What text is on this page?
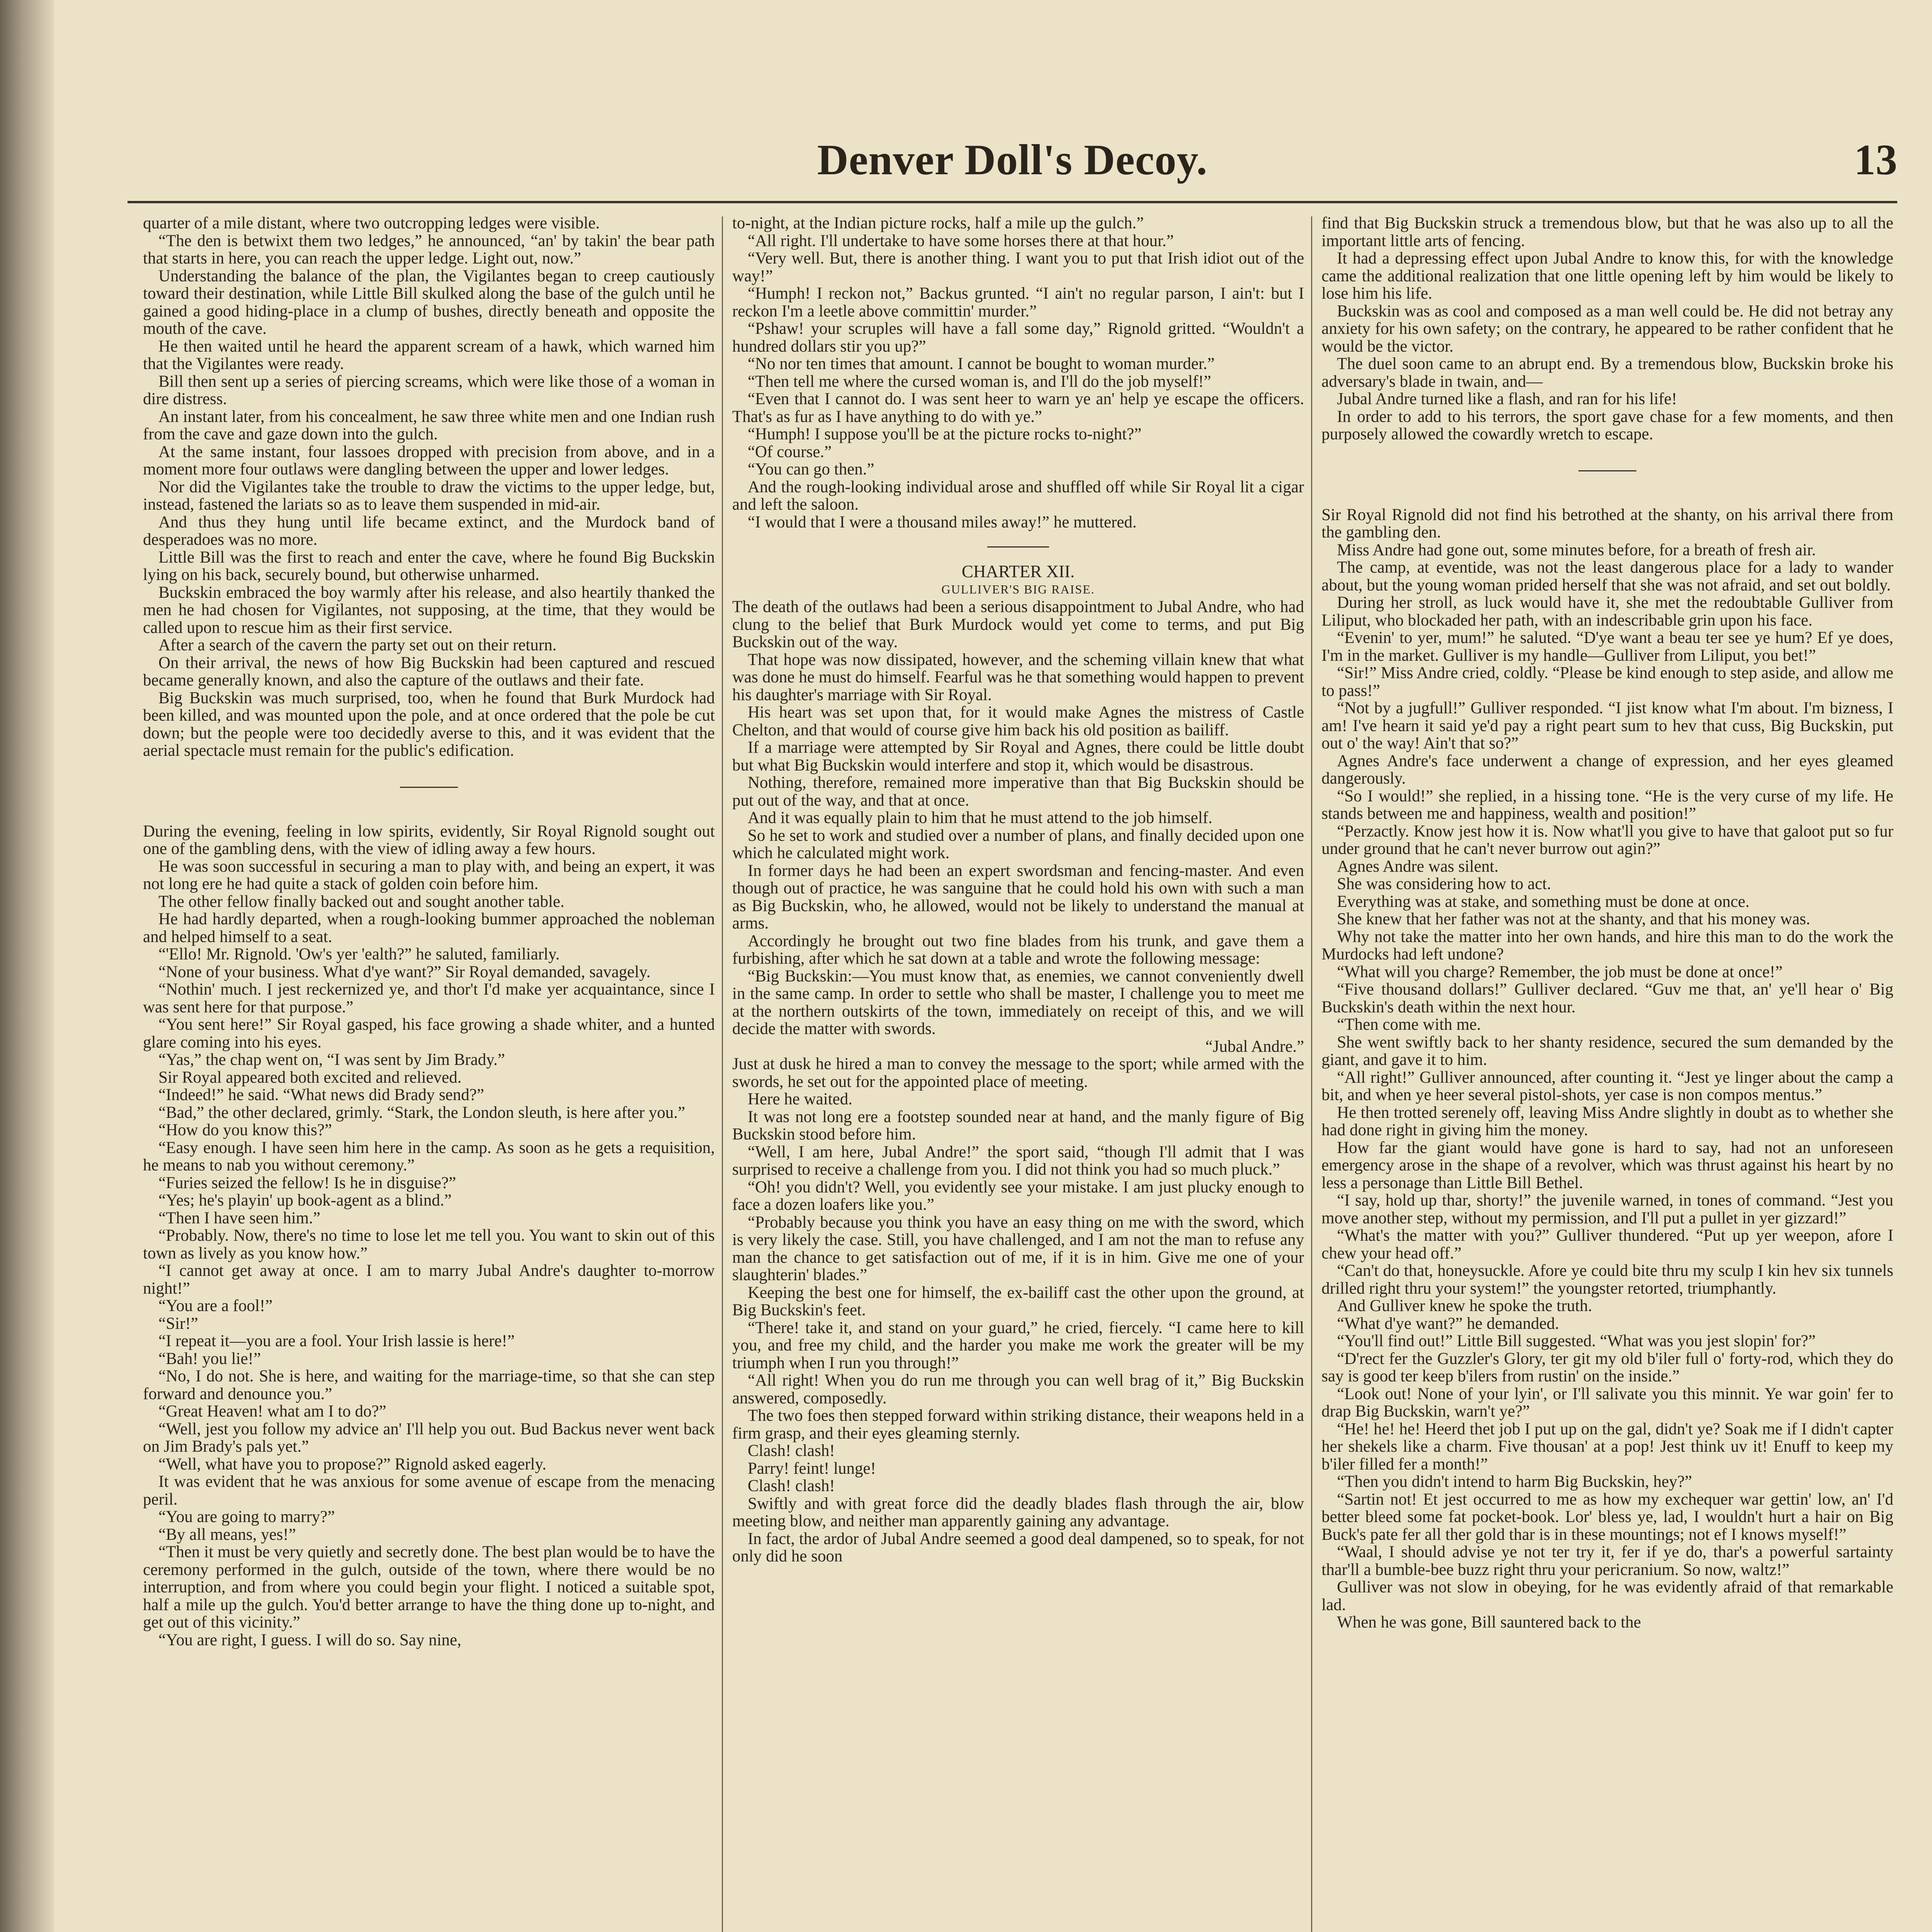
Denver Doll's Decoy.	13

quarter of a mile distant, where two outcropping ledges were visible.

“The den is betwixt them two ledges,” he announced, “an' by takin' the bear path that starts in here, you can reach the upper ledge. Light out, now.”

Understanding the balance of the plan, the Vigilantes began to creep cautiously toward their destination, while Little Bill skulked along the base of the gulch until he gained a good hiding-place in a clump of bushes, directly beneath and opposite the mouth of the cave.

He then waited until he heard the apparent scream of a hawk, which warned him that the Vigilantes were ready.

Bill then sent up a series of piercing screams, which were like those of a woman in dire distress.

An instant later, from his concealment, he saw three white men and one Indian rush from the cave and gaze down into the gulch.

At the same instant, four lassoes dropped with precision from above, and in a moment more four outlaws were dangling between the upper and lower ledges.

Nor did the Vigilantes take the trouble to draw the victims to the upper ledge, but, instead, fastened the lariats so as to leave them suspended in mid-air.

And thus they hung until life became extinct, and the Murdock band of desperadoes was no more.

Little Bill was the first to reach and enter the cave, where he found Big Buckskin lying on his back, securely bound, but otherwise unharmed.

Buckskin embraced the boy warmly after his release, and also heartily thanked the men he had chosen for Vigilantes, not supposing, at the time, that they would be called upon to rescue him as their first service.

After a search of the cavern the party set out on their return.

On their arrival, the news of how Big Buckskin had been captured and rescued became generally known, and also the capture of the outlaws and their fate.

Big Buckskin was much surprised, too, when he found that Burk Murdock had been killed, and was mounted upon the pole, and at once ordered that the pole be cut down; but the people were too decidedly averse to this, and it was evident that the aerial spectacle must remain for the public's edification.

During the evening, feeling in low spirits, evidently, Sir Royal Rignold sought out one of the gambling dens, with the view of idling away a few hours.

He was soon successful in securing a man to play with, and being an expert, it was not long ere he had quite a stack of golden coin before him.

The other fellow finally backed out and sought another table.

He had hardly departed, when a rough-looking bummer approached the nobleman and helped himself to a seat.

“'Ello! Mr. Rignold. 'Ow's yer 'ealth?” he saluted, familiarly.

“None of your business. What d'ye want?” Sir Royal demanded, savagely.

“Nothin' much. I jest reckernized ye, and thor't I'd make yer acquaintance, since I was sent here for that purpose.”

“You sent here!” Sir Royal gasped, his face growing a shade whiter, and a hunted glare coming into his eyes.

“Yas,” the chap went on, “I was sent by Jim Brady.”

Sir Royal appeared both excited and relieved.

“Indeed!” he said. “What news did Brady send?”

“Bad,” the other declared, grimly. “Stark, the London sleuth, is here after you.”

“How do you know this?”

“Easy enough. I have seen him here in the camp. As soon as he gets a requisition, he means to nab you without ceremony.”

“Furies seized the fellow! Is he in disguise?”

“Yes; he's playin' up book-agent as a blind.”

“Then I have seen him.”

“Probably. Now, there's no time to lose let me tell you. You want to skin out of this town as lively as you know how.”

“I cannot get away at once. I am to marry Jubal Andre's daughter to-morrow night!”

“You are a fool!”

“Sir!”

“I repeat it—you are a fool. Your Irish lassie is here!”

“Bah! you lie!”

“No, I do not. She is here, and waiting for the marriage-time, so that she can step forward and denounce you.”

“Great Heaven! what am I to do?”

“Well, jest you follow my advice an' I'll help you out. Bud Backus never went back on Jim Brady's pals yet.”

“Well, what have you to propose?” Rignold asked eagerly.

It was evident that he was anxious for some avenue of escape from the menacing peril.

“You are going to marry?”

“By all means, yes!”

“Then it must be very quietly and secretly done. The best plan would be to have the ceremony performed in the gulch, outside of the town, where there would be no interruption, and from where you could begin your flight. I noticed a suitable spot, half a mile up the gulch. You'd better arrange to have the thing done up to-night, and get out of this vicinity.”

“You are right, I guess. I will do so. Say nine,

to-night, at the Indian picture rocks, half a mile up the gulch.”

“All right. I'll undertake to have some horses there at that hour.”

“Very well. But, there is another thing. I want you to put that Irish idiot out of the way!”

“Humph! I reckon not,” Backus grunted. “I ain't no regular parson, I ain't: but I reckon I'm a leetle above committin' murder.”

“Pshaw! your scruples will have a fall some day,” Rignold gritted. “Wouldn't a hundred dollars stir you up?”

“No nor ten times that amount. I cannot be bought to woman murder.”

“Then tell me where the cursed woman is, and I'll do the job myself!”

“Even that I cannot do. I was sent heer to warn ye an' help ye escape the officers. That's as fur as I have anything to do with ye.”

“Humph! I suppose you'll be at the picture rocks to-night?”

“Of course.”

“You can go then.”

And the rough-looking individual arose and shuffled off while Sir Royal lit a cigar and left the saloon.

“I would that I were a thousand miles away!” he muttered.

CHARTER XII.

GULLIVER'S BIG RAISE.

The death of the outlaws had been a serious disappointment to Jubal Andre, who had clung to the belief that Burk Murdock would yet come to terms, and put Big Buckskin out of the way.

That hope was now dissipated, however, and the scheming villain knew that what was done he must do himself. Fearful was he that something would happen to prevent his daughter's marriage with Sir Royal.

His heart was set upon that, for it would make Agnes the mistress of Castle Chelton, and that would of course give him back his old position as bailiff.

If a marriage were attempted by Sir Royal and Agnes, there could be little doubt but what Big Buckskin would interfere and stop it, which would be disastrous.

Nothing, therefore, remained more imperative than that Big Buckskin should be put out of the way, and that at once.

And it was equally plain to him that he must attend to the job himself.

So he set to work and studied over a number of plans, and finally decided upon one which he calculated might work.

In former days he had been an expert swordsman and fencing-master. And even though out of practice, he was sanguine that he could hold his own with such a man as Big Buckskin, who, he allowed, would not be likely to understand the manual at arms.

Accordingly he brought out two fine blades from his trunk, and gave them a furbishing, after which he sat down at a table and wrote the following message:

“Big Buckskin:—You must know that, as enemies, we cannot conveniently dwell in the same camp. In order to settle who shall be master, I challenge you to meet me at the northern outskirts of the town, immediately on receipt of this, and we will decide the matter with swords.

“Jubal Andre.”

Just at dusk he hired a man to convey the message to the sport; while armed with the swords, he set out for the appointed place of meeting.

Here he waited.

It was not long ere a footstep sounded near at hand, and the manly figure of Big Buckskin stood before him.

“Well, I am here, Jubal Andre!” the sport said, “though I'll admit that I was surprised to receive a challenge from you. I did not think you had so much pluck.”

“Oh! you didn't? Well, you evidently see your mistake. I am just plucky enough to face a dozen loafers like you.”

“Probably because you think you have an easy thing on me with the sword, which is very likely the case. Still, you have challenged, and I am not the man to refuse any man the chance to get satisfaction out of me, if it is in him. Give me one of your slaughterin' blades.”

Keeping the best one for himself, the ex-bailiff cast the other upon the ground, at Big Buckskin's feet.

“There! take it, and stand on your guard,” he cried, fiercely. “I came here to kill you, and free my child, and the harder you make me work the greater will be my triumph when I run you through!”

“All right! When you do run me through you can well brag of it,” Big Buckskin answered, composedly.

The two foes then stepped forward within striking distance, their weapons held in a firm grasp, and their eyes gleaming sternly.

Clash! clash!

Parry! feint! lunge!

Clash! clash!

Swiftly and with great force did the deadly blades flash through the air, blow meeting blow, and neither man apparently gaining any advantage.

In fact, the ardor of Jubal Andre seemed a good deal dampened, so to speak, for not only did he soon

find that Big Buckskin struck a tremendous blow, but that he was also up to all the important little arts of fencing.

It had a depressing effect upon Jubal Andre to know this, for with the knowledge came the additional realization that one little opening left by him would be likely to lose him his life.

Buckskin was as cool and composed as a man well could be. He did not betray any anxiety for his own safety; on the contrary, he appeared to be rather confident that he would be the victor.

The duel soon came to an abrupt end. By a tremendous blow, Buckskin broke his adversary's blade in twain, and—

Jubal Andre turned like a flash, and ran for his life!

In order to add to his terrors, the sport gave chase for a few moments, and then purposely allowed the cowardly wretch to escape.

Sir Royal Rignold did not find his betrothed at the shanty, on his arrival there from the gambling den.

Miss Andre had gone out, some minutes before, for a breath of fresh air.

The camp, at eventide, was not the least dangerous place for a lady to wander about, but the young woman prided herself that she was not afraid, and set out boldly.

During her stroll, as luck would have it, she met the redoubtable Gulliver from Liliput, who blockaded her path, with an indescribable grin upon his face.

“Evenin' to yer, mum!” he saluted. “D'ye want a beau ter see ye hum? Ef ye does, I'm in the market. Gulliver is my handle—Gulliver from Liliput, you bet!”

“Sir!” Miss Andre cried, coldly. “Please be kind enough to step aside, and allow me to pass!”

“Not by a jugfull!” Gulliver responded. “I jist know what I'm about. I'm bizness, I am! I've hearn it said ye'd pay a right peart sum to hev that cuss, Big Buckskin, put out o' the way! Ain't that so?”

Agnes Andre's face underwent a change of expression, and her eyes gleamed dangerously.

“So I would!” she replied, in a hissing tone. “He is the very curse of my life. He stands between me and happiness, wealth and position!”

“Perzactly. Know jest how it is. Now what'll you give to have that galoot put so fur under ground that he can't never burrow out agin?”

Agnes Andre was silent.

She was considering how to act.

Everything was at stake, and something must be done at once.

She knew that her father was not at the shanty, and that his money was.

Why not take the matter into her own hands, and hire this man to do the work the Murdocks had left undone?

“What will you charge? Remember, the job must be done at once!”

“Five thousand dollars!” Gulliver declared. “Guv me that, an' ye'll hear o' Big Buckskin's death within the next hour.

“Then come with me.

She went swiftly back to her shanty residence, secured the sum demanded by the giant, and gave it to him.

“All right!” Gulliver announced, after counting it. “Jest ye linger about the camp a bit, and when ye heer several pistol-shots, yer case is non compos mentus.”

He then trotted serenely off, leaving Miss Andre slightly in doubt as to whether she had done right in giving him the money.

How far the giant would have gone is hard to say, had not an unforeseen emergency arose in the shape of a revolver, which was thrust against his heart by no less a personage than Little Bill Bethel.

“I say, hold up thar, shorty!” the juvenile warned, in tones of command. “Jest you move another step, without my permission, and I'll put a pullet in yer gizzard!”

“What's the matter with you?” Gulliver thundered. “Put up yer weepon, afore I chew your head off.”

“Can't do that, honeysuckle. Afore ye could bite thru my sculp I kin hev six tunnels drilled right thru your system!” the youngster retorted, triumphantly.

And Gulliver knew he spoke the truth.

“What d'ye want?” he demanded.

“You'll find out!” Little Bill suggested. “What was you jest slopin' for?”

“D'rect fer the Guzzler's Glory, ter git my old b'iler full o' forty-rod, which they do say is good ter keep b'ilers from rustin' on the inside.”

“Look out! None of your lyin', or I'll salivate you this minnit. Ye war goin' fer to drap Big Buckskin, warn't ye?”

“He! he! he! Heerd thet job I put up on the gal, didn't ye? Soak me if I didn't capter her shekels like a charm. Five thousan' at a pop! Jest think uv it! Enuff to keep my b'iler filled fer a month!”

“Then you didn't intend to harm Big Buckskin, hey?”

“Sartin not! Et jest occurred to me as how my exchequer war gettin' low, an' I'd better bleed some fat pocket-book. Lor' bless ye, lad, I wouldn't hurt a hair on Big Buck's pate fer all ther gold thar is in these mountings; not ef I knows myself!”

“Waal, I should advise ye not ter try it, fer if ye do, thar's a powerful sartainty thar'll a bumble-bee buzz right thru your pericranium. So now, waltz!”

Gulliver was not slow in obeying, for he was evidently afraid of that remarkable lad.

When he was gone, Bill sauntered back to the
